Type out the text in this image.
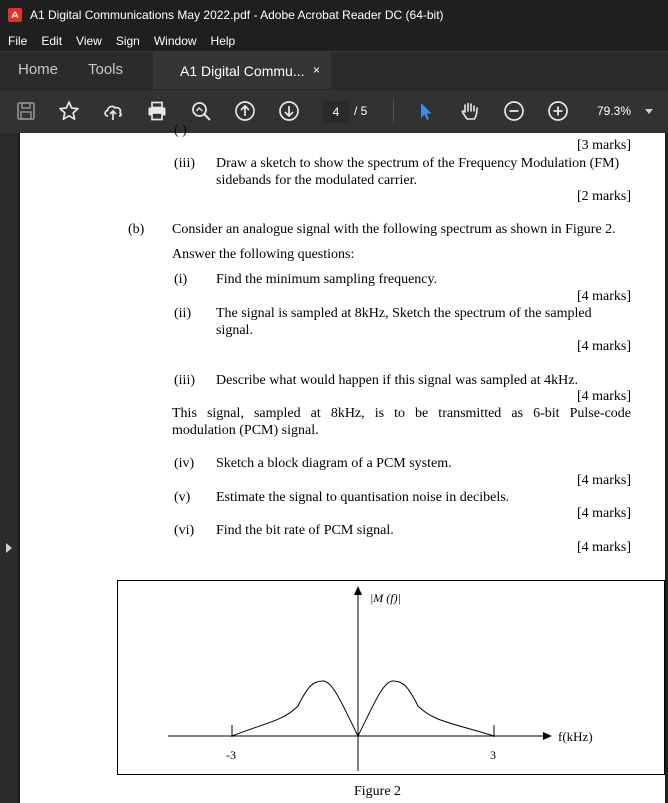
A1 Digital Communications May 2022.pdf - Adobe Acrobat Reader DC (64-bit)
File	Edit	View	Sign	Window	Help
Home Tools	A1 Digital Commu... ×
4	/ 5	79.3%
( )
[3 marks]
(iii) Draw a sketch to show the spectrum of the Frequency Modulation (FM)
sidebands for the modulated carrier.
[2 marks]
(b) Consider an analogue signal with the following spectrum as shown in Figure 2.
Answer the following questions:
(i) Find the minimum sampling frequency.
[4 marks]
(ii) The signal is sampled at 8kHz, Sketch the spectrum of the sampled
signal.
[4 marks]
(iii) Describe what would happen if this signal was sampled at 4kHz.
[4 marks]
This signal, sampled at 8kHz, is to be transmitted as 6-bit Pulse-code
modulation (PCM) signal.
(iv) Sketch a block diagram of a PCM system.
[4 marks]
(v) Estimate the signal to quantisation noise in decibels.
[4 marks]
(vi) Find the bit rate of PCM signal.
[4 marks]
|M (f)|
f(kHz)
-3	3
Figure 2
